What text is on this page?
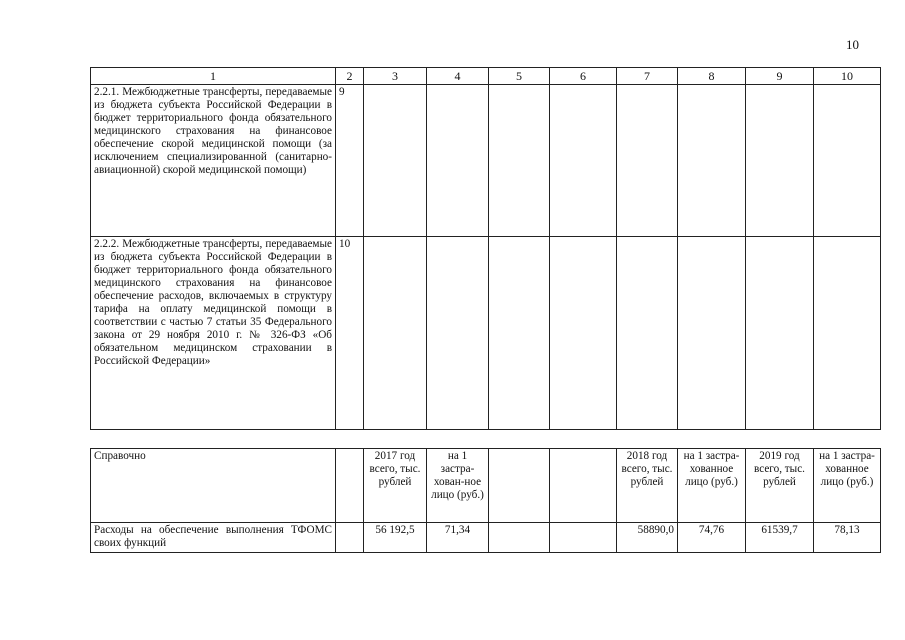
10
1	2	3	4	5	6	7	8	9	10
2.2.1. Межбюджетные трансферты, передаваемые из бюджета субъекта Российской Федерации в бюджет территориального фонда обязательного медицинского страхования на финансовое обеспечение скорой медицинской помощи (за исключением специализированной (санитарно-авиационной) скорой медицинской помощи)	9								
2.2.2. Межбюджетные трансферты, передаваемые из бюджета субъекта Российской Федерации в бюджет территориального фонда обязательного медицинского страхования на финансовое обеспечение расходов, включаемых в структуру тарифа на оплату медицинской помощи в соответствии с частью 7 статьи 35 Федерального закона от 29 ноября 2010 г. № 326-ФЗ «Об обязательном медицинском страховании в Российской Федерации»	10								
Справочно		2017 год всего, тыс. рублей	на 1 застра-хован-ное лицо (руб.)			2018 год всего, тыс. рублей	на 1 застра-хованное лицо (руб.)	2019 год всего, тыс. рублей	на 1 застра-хованное лицо (руб.)
Расходы на обеспечение выполнения ТФОМС своих функций		56 192,5	71,34			58890,0	74,76	61539,7	78,13
